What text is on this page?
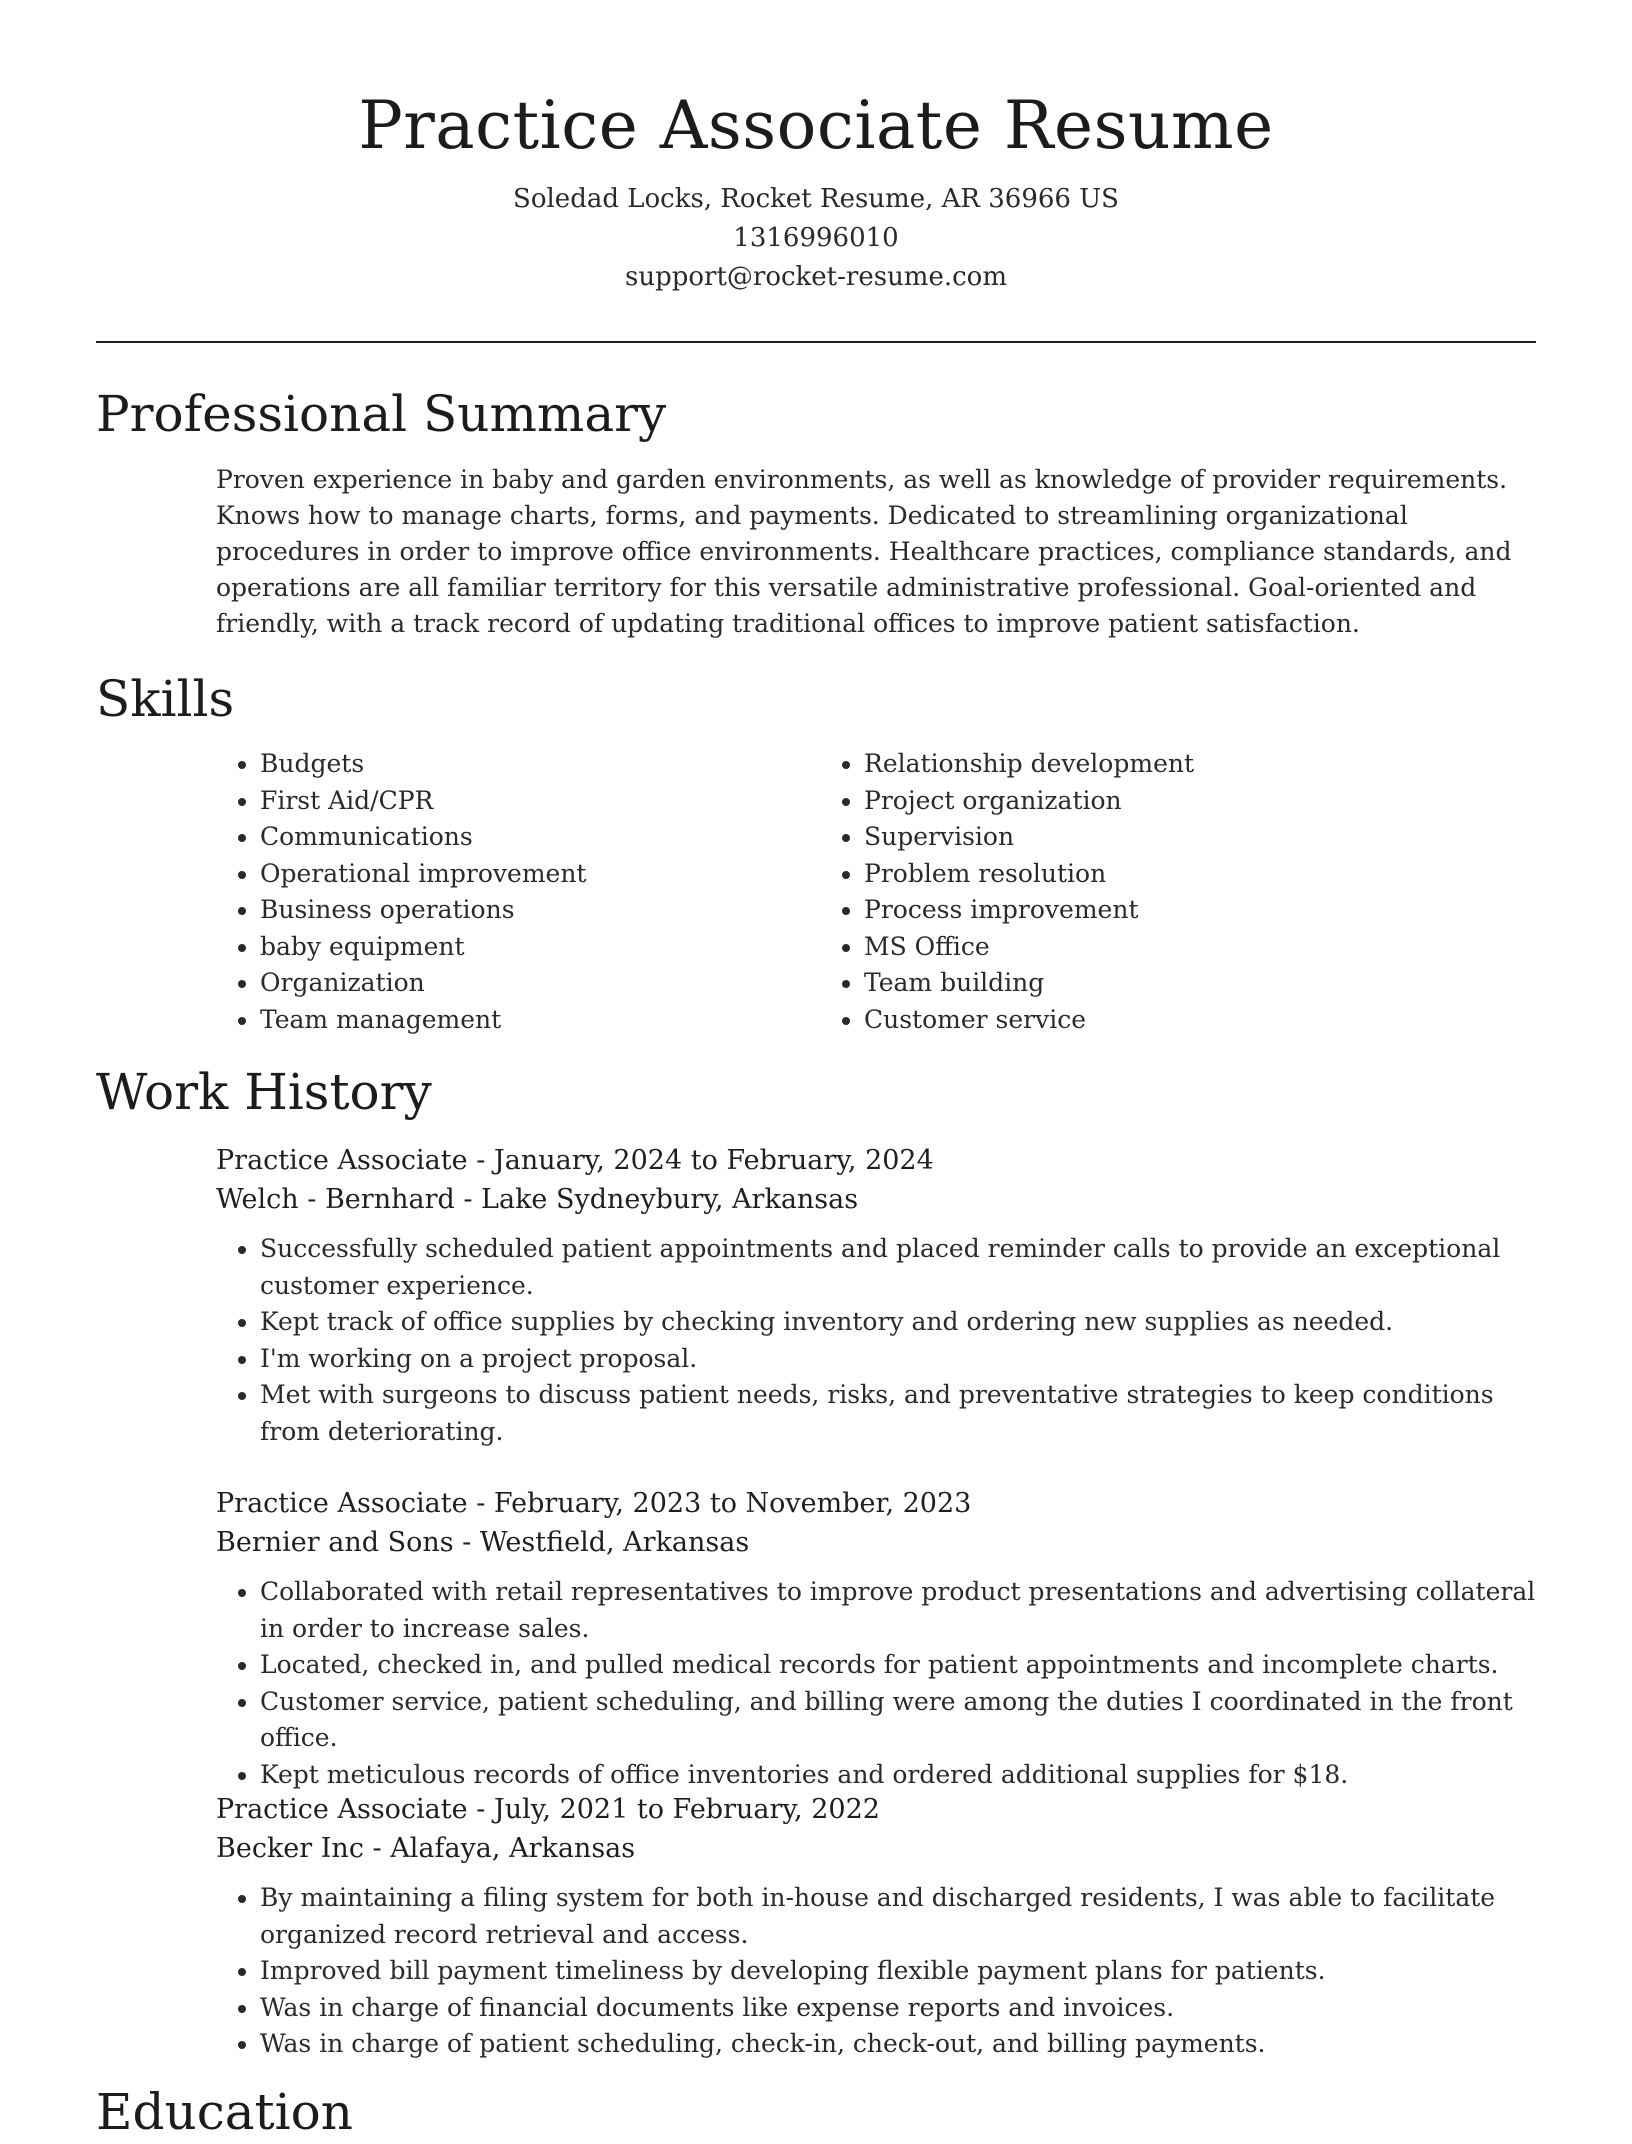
Practice Associate Resume
Soledad Locks, Rocket Resume, AR 36966 US
1316996010
support@rocket-resume.com
Professional Summary

Proven experience in baby and garden environments, as well as knowledge of provider requirements. Knows how to manage charts, forms, and payments. Dedicated to streamlining organizational procedures in order to improve office environments. Healthcare practices, compliance standards, and operations are all familiar territory for this versatile administrative professional. Goal-oriented and friendly, with a track record of updating traditional offices to improve patient satisfaction.

Skills
• Budgets
• First Aid/CPR
• Communications
• Operational improvement
• Business operations
• baby equipment
• Organization
• Team management
• Relationship development
• Project organization
• Supervision
• Problem resolution
• Process improvement
• MS Office
• Team building
• Customer service
Work History
Practice Associate - January, 2024 to February, 2024
Welch - Bernhard - Lake Sydneybury, Arkansas
• Successfully scheduled patient appointments and placed reminder calls to provide an exceptional customer experience.
• Kept track of office supplies by checking inventory and ordering new supplies as needed.
• I'm working on a project proposal.
• Met with surgeons to discuss patient needs, risks, and preventative strategies to keep conditions from deteriorating.
Practice Associate - February, 2023 to November, 2023
Bernier and Sons - Westfield, Arkansas
• Collaborated with retail representatives to improve product presentations and advertising collateral in order to increase sales.
• Located, checked in, and pulled medical records for patient appointments and incomplete charts.
• Customer service, patient scheduling, and billing were among the duties I coordinated in the front office.
• Kept meticulous records of office inventories and ordered additional supplies for $18.
Practice Associate - July, 2021 to February, 2022
Becker Inc - Alafaya, Arkansas
• By maintaining a filing system for both in-house and discharged residents, I was able to facilitate organized record retrieval and access.
• Improved bill payment timeliness by developing flexible payment plans for patients.
• Was in charge of financial documents like expense reports and invoices.
• Was in charge of patient scheduling, check-in, check-out, and billing payments.
Education
